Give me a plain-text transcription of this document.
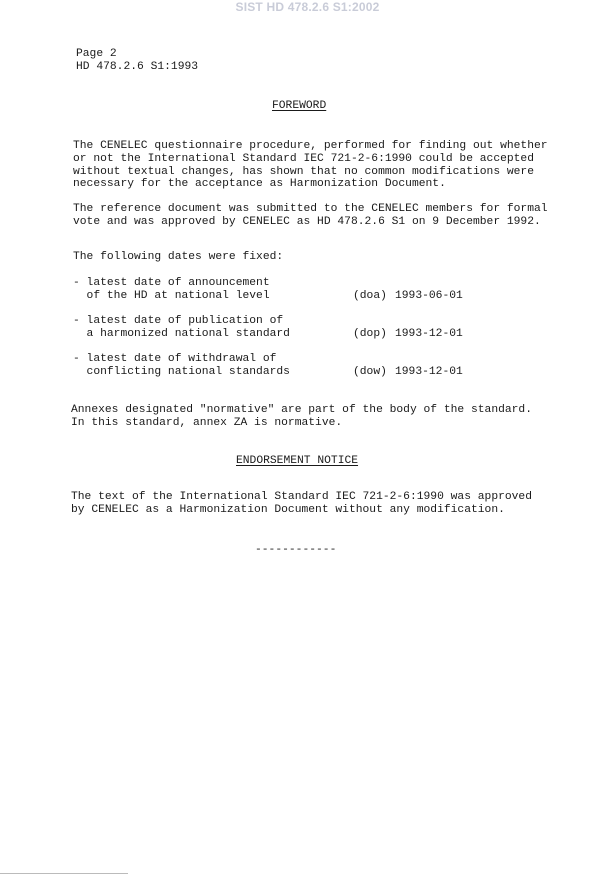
SIST HD 478.2.6 S1:2002
Page 2
HD 478.2.6 S1:1993
FOREWORD
The CENELEC questionnaire procedure, performed for finding out whether
or not the International Standard IEC 721-2-6:1990 could be accepted
without textual changes, has shown that no common modifications were
necessary for the acceptance as Harmonization Document.
The reference document was submitted to the CENELEC members for formal
vote and was approved by CENELEC as HD 478.2.6 S1 on 9 December 1992.
The following dates were fixed:
- latest date of announcement
of the HD at national level	(doa) 1993-06-01
- latest date of publication of
a harmonized national standard	(dop) 1993-12-01
- latest date of withdrawal of
conflicting national standards	(dow) 1993-12-01
Annexes designated "normative" are part of the body of the standard.
In this standard, annex ZA is normative.
ENDORSEMENT NOTICE
The text of the International Standard IEC 721-2-6:1990 was approved
by CENELEC as a Harmonization Document without any modification.
------------
